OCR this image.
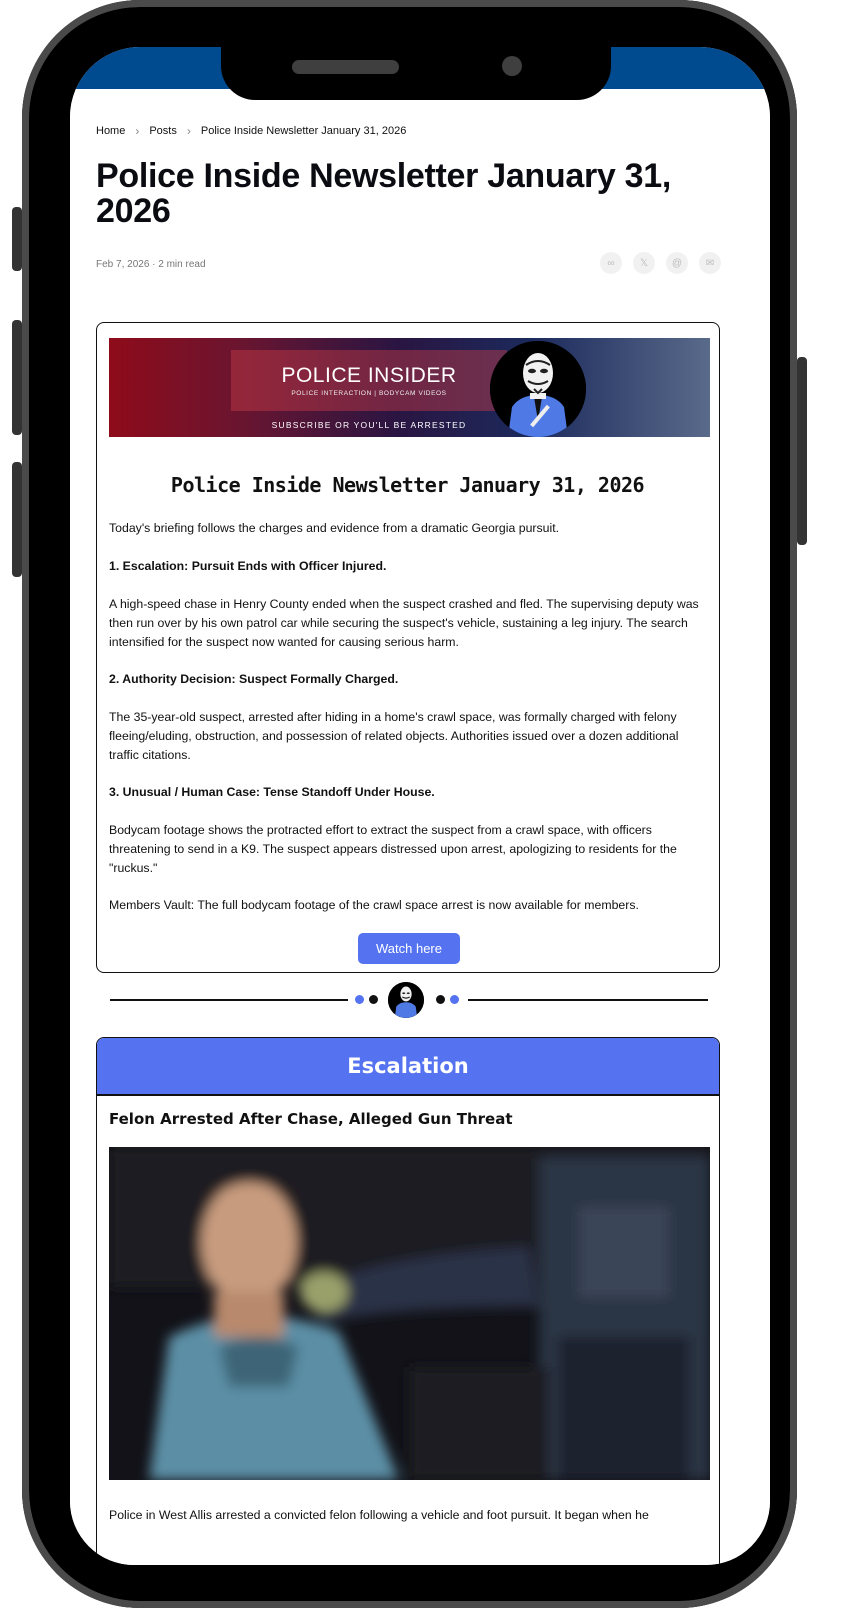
Home › Posts › Police Inside Newsletter January 31, 2026
Police Inside Newsletter January 31, 2026
Feb 7, 2026 · 2 min read	∞	𝕏 @ ✉
POLICE INSIDER
POLICE INTERACTION | BODYCAM VIDEOS
SUBSCRIBE OR YOU'LL BE ARRESTED
Police Inside Newsletter January 31, 2026

Today's briefing follows the charges and evidence from a dramatic Georgia pursuit.

1. Escalation: Pursuit Ends with Officer Injured.

A high-speed chase in Henry County ended when the suspect crashed and fled. The supervising deputy was then run over by his own patrol car while securing the suspect's vehicle, sustaining a leg injury. The search intensified for the suspect now wanted for causing serious harm.

2. Authority Decision: Suspect Formally Charged.

The 35-year-old suspect, arrested after hiding in a home's crawl space, was formally charged with felony fleeing/eluding, obstruction, and possession of related objects. Authorities issued over a dozen additional traffic citations.

3. Unusual / Human Case: Tense Standoff Under House.

Bodycam footage shows the protracted effort to extract the suspect from a crawl space, with officers threatening to send in a K9. The suspect appears distressed upon arrest, apologizing to residents for the "ruckus."

Members Vault: The full bodycam footage of the crawl space arrest is now available for members.

Watch here
Escalation
Felon Arrested After Chase, Alleged Gun Threat

Police in West Allis arrested a convicted felon following a vehicle and foot pursuit. It began when he
